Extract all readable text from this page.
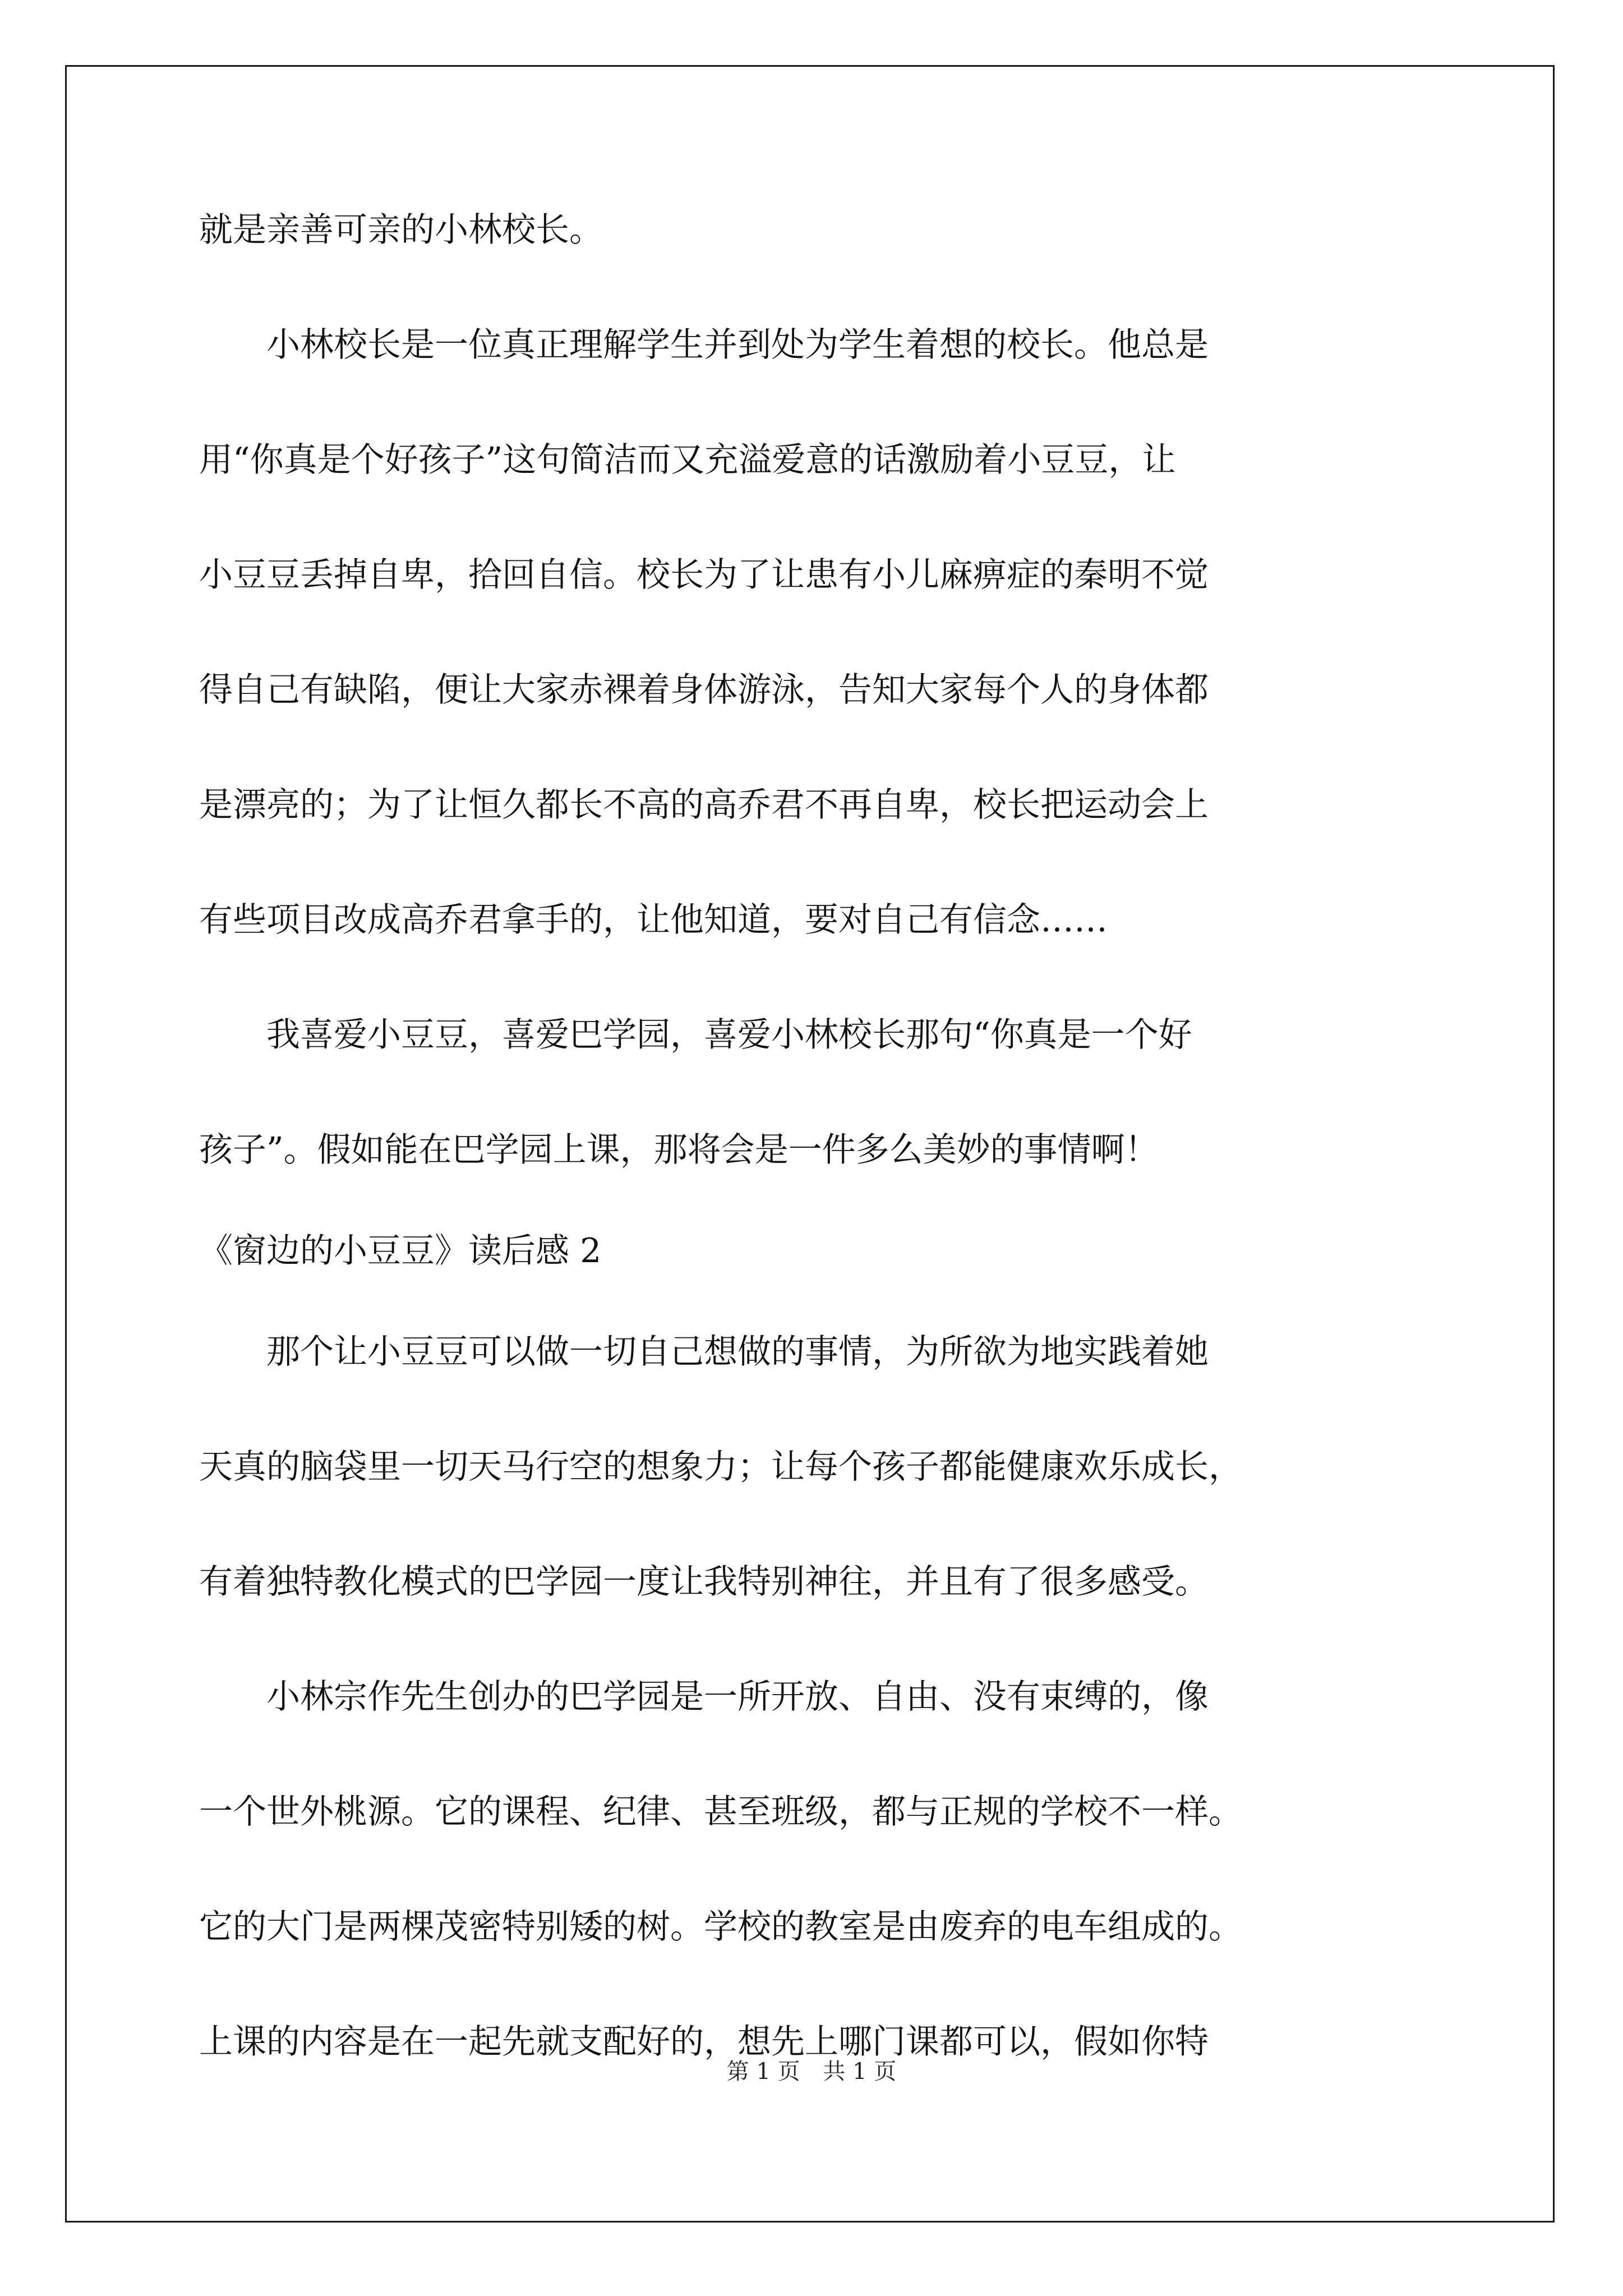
就是亲善可亲的小林校长。
　　小林校长是一位真正理解学生并到处为学生着想的校长。他总是
用“你真是个好孩子”这句简洁而又充溢爱意的话激励着小豆豆，让
小豆豆丢掉自卑，拾回自信。校长为了让患有小儿麻痹症的秦明不觉
得自己有缺陷，便让大家赤裸着身体游泳，告知大家每个人的身体都
是漂亮的；为了让恒久都长不高的高乔君不再自卑，校长把运动会上
有些项目改成高乔君拿手的，让他知道，要对自己有信念……
　　我喜爱小豆豆，喜爱巴学园，喜爱小林校长那句“你真是一个好
孩子”。假如能在巴学园上课，那将会是一件多么美妙的事情啊！
《窗边的小豆豆》读后感 2
　　那个让小豆豆可以做一切自己想做的事情，为所欲为地实践着她
天真的脑袋里一切天马行空的想象力；让每个孩子都能健康欢乐成长，
有着独特教化模式的巴学园一度让我特别神往，并且有了很多感受。
　　小林宗作先生创办的巴学园是一所开放、自由、没有束缚的，像
一个世外桃源。它的课程、纪律、甚至班级，都与正规的学校不一样。
它的大门是两棵茂密特别矮的树。学校的教室是由废弃的电车组成的。
上课的内容是在一起先就支配好的，想先上哪门课都可以，假如你特
第 1 页 共 1 页
